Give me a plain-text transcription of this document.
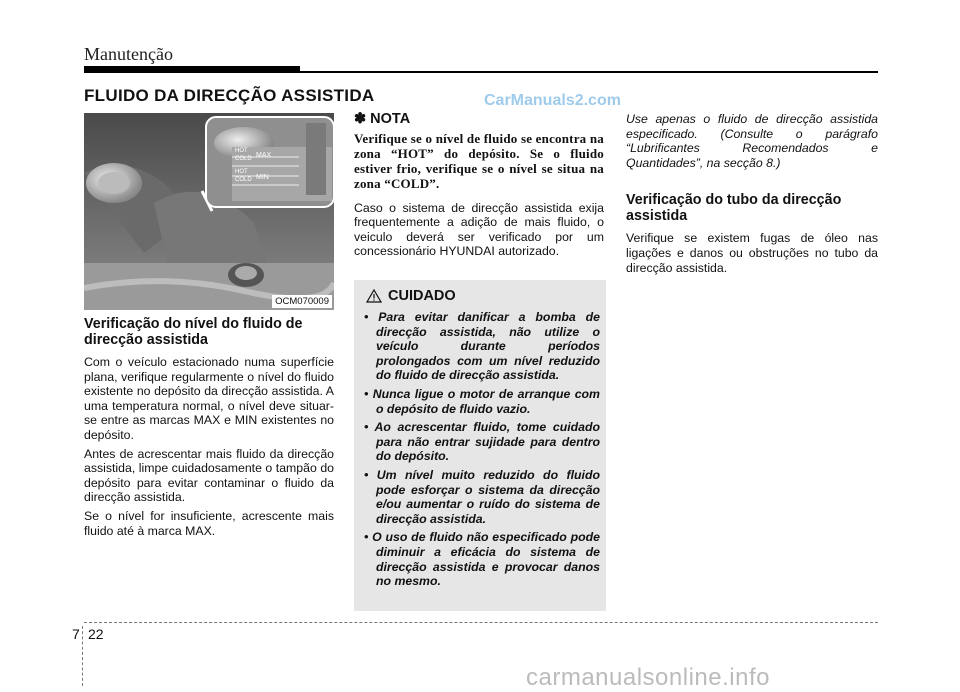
Manutenção
FLUIDO DA DIRECÇÃO ASSISTIDA	CarManuals2.com
HOT
COLD MAX
HOT
COLD MIN
OCM070009
Verificação do nível do fluido de direcção assistida

Com o veículo estacionado numa superfície plana, verifique regularmente o nível do fluido existente no depósito da direcção assistida. A uma temperatura normal, o nível deve situar-se entre as marcas MAX e MIN existentes no depósito.

Antes de acrescentar mais fluido da direcção assistida, limpe cuidadosamente o tampão do depósito para evitar contaminar o fluido da direcção assistida.

Se o nível for insuficiente, acrescente mais fluido até à marca MAX.

✽ NOTA

Verifique se o nível de fluido se encontra na zona “HOT” do depósito. Se o fluido estiver frio, verifique se o nível se situa na zona “COLD”.

Caso o sistema de direcção assistida exija frequentemente a adição de mais fluido, o veiculo deverá ser verificado por um concessionário HYUNDAI autorizado.

CUIDADO
• Para evitar danificar a bomba de direcção assistida, não utilize o veículo durante períodos prolongados com um nível reduzido do fluido de direcção assistida.
• Nunca ligue o motor de arranque com o depósito de fluido vazio.
• Ao acrescentar fluido, tome cuidado para não entrar sujidade para dentro do depósito.
• Um nível muito reduzido do fluido pode esforçar o sistema da direcção e/ou aumentar o ruído do sistema de direcção assistida.
• O uso de fluido não especificado pode diminuir a eficácia do sistema de direcção assistida e provocar danos no mesmo.

Use apenas o fluido de direcção assistida especificado. (Consulte o parágrafo “Lubrificantes Recomendados e Quantidades”, na secção 8.)

Verificação do tubo da direcção assistida

Verifique se existem fugas de óleo nas ligações e danos ou obstruções no tubo da direcção assistida.

7 22
carmanualsonline.info
